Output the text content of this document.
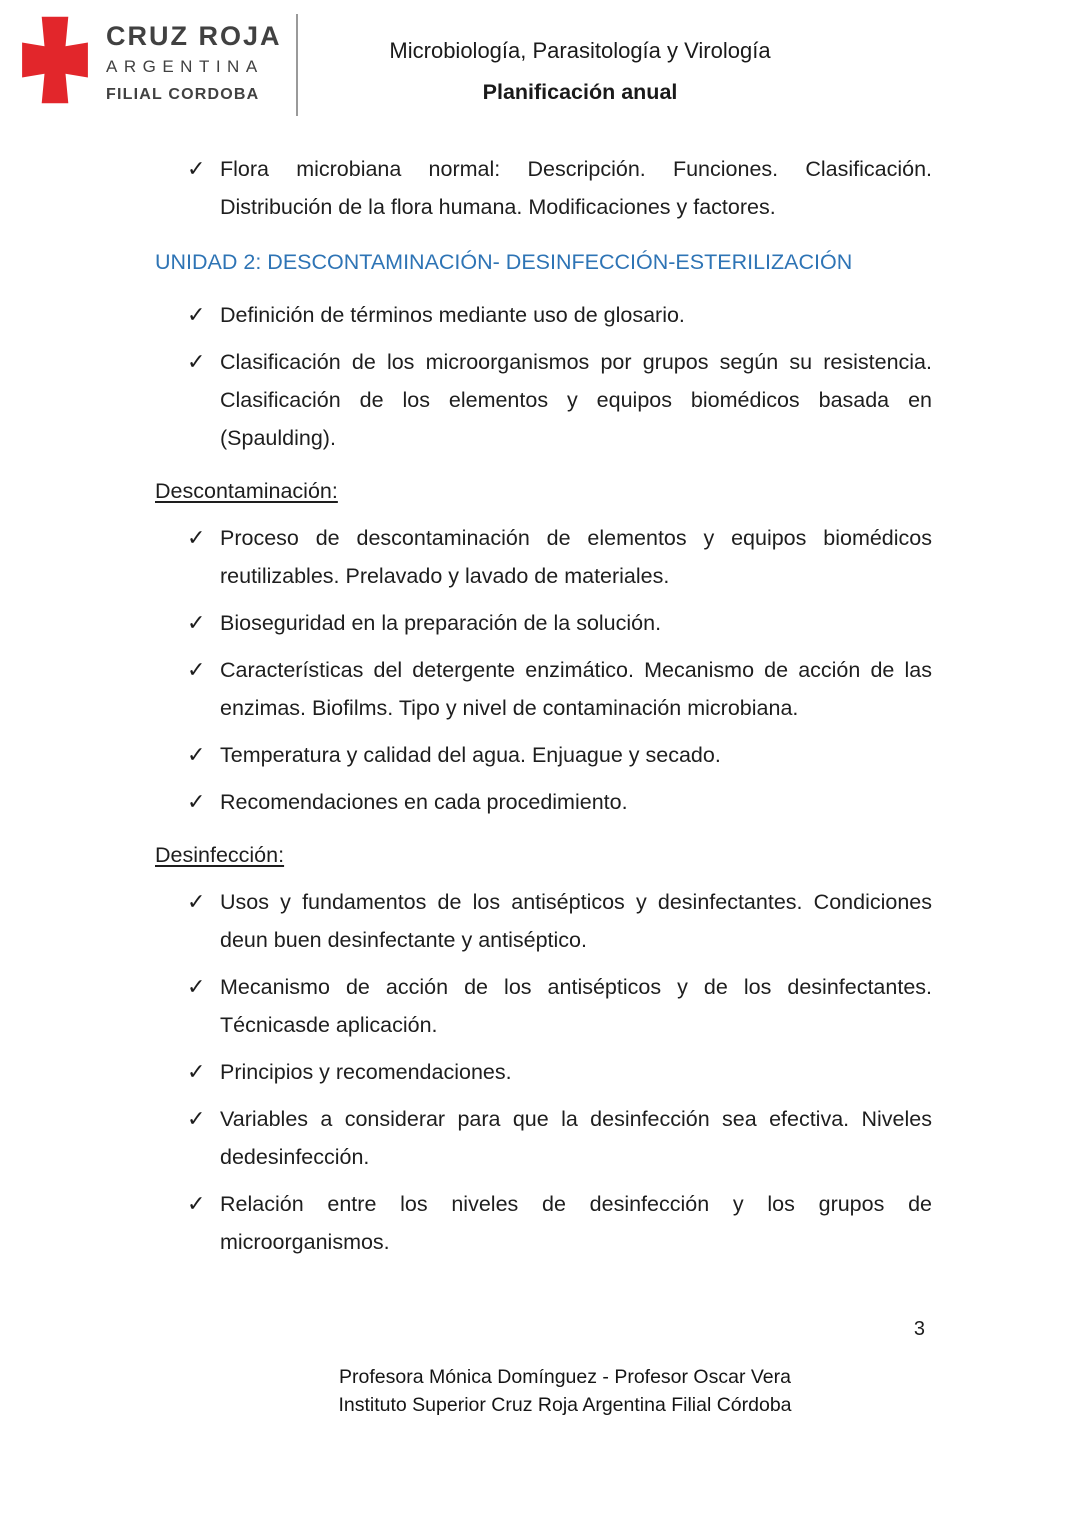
CRUZ ROJA
ARGENTINA
FILIAL CORDOBA
Microbiología, Parasitología y Virología
Planificación anual
✓ Flora microbiana normal: Descripción. Funciones. Clasificación. Distribución de la flora humana. Modificaciones y factores.
UNIDAD 2: DESCONTAMINACIÓN- DESINFECCIÓN-ESTERILIZACIÓN
✓ Definición de términos mediante uso de glosario.
✓ Clasificación de los microorganismos por grupos según su resistencia. Clasificación de los elementos y equipos biomédicos basada en (Spaulding).
Descontaminación:
✓ Proceso de descontaminación de elementos y equipos biomédicos reutilizables. Prelavado y lavado de materiales.
✓ Bioseguridad en la preparación de la solución.
✓ Características del detergente enzimático. Mecanismo de acción de las enzimas. Biofilms. Tipo y nivel de contaminación microbiana.
✓ Temperatura y calidad del agua. Enjuague y secado.
✓ Recomendaciones en cada procedimiento.
Desinfección:
✓ Usos y fundamentos de los antisépticos y desinfectantes. Condiciones deun buen desinfectante y antiséptico.
✓ Mecanismo de acción de los antisépticos y de los desinfectantes. Técnicasde aplicación.
✓ Principios y recomendaciones.
✓ Variables a considerar para que la desinfección sea efectiva. Niveles dedesinfección.
✓ Relación entre los niveles de desinfección y los grupos de microorganismos.
3
Profesora Mónica Domínguez - Profesor Oscar Vera
Instituto Superior Cruz Roja Argentina Filial Córdoba
